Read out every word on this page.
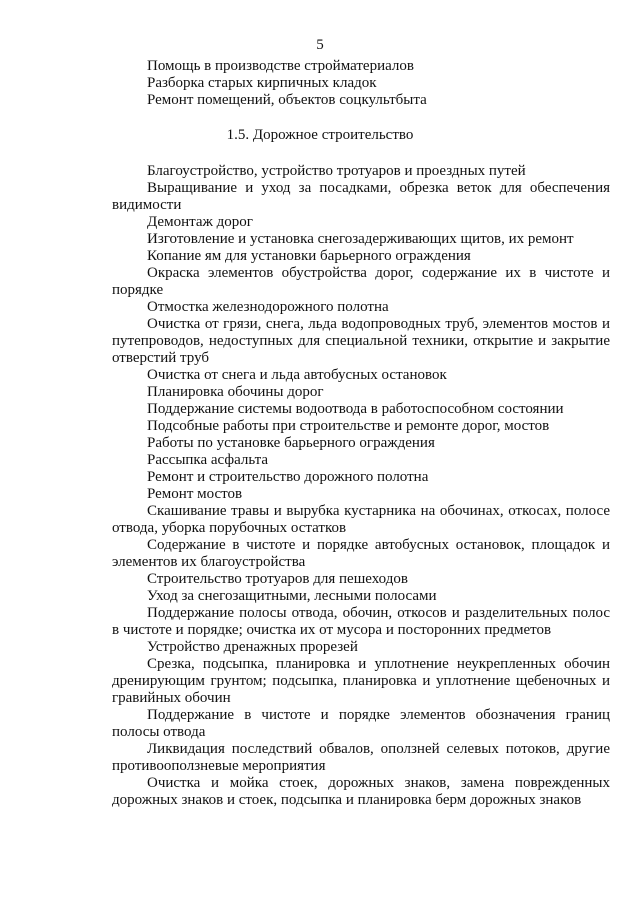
5
Помощь в производстве стройматериалов
Разборка старых кирпичных кладок
Ремонт помещений, объектов соцкультбыта
1.5. Дорожное строительство

Благоустройство, устройство тротуаров и проездных путей

Выращивание и уход за посадками, обрезка веток для обеспечения видимости

Демонтаж дорог

Изготовление и установка снегозадерживающих щитов, их ремонт

Копание ям для установки барьерного ограждения

Окраска элементов обустройства дорог, содержание их в чистоте и порядке

Отмостка железнодорожного полотна

Очистка от грязи, снега, льда водопроводных труб, элементов мостов и путепроводов, недоступных для специальной техники, открытие и закрытие отверстий труб

Очистка от снега и льда автобусных остановок

Планировка обочины дорог

Поддержание системы водоотвода в работоспособном состоянии

Подсобные работы при строительстве и ремонте дорог, мостов

Работы по установке барьерного ограждения

Рассыпка асфальта

Ремонт и строительство дорожного полотна

Ремонт мостов

Скашивание травы и вырубка кустарника на обочинах, откосах, полосе отвода, уборка порубочных остатков

Содержание в чистоте и порядке автобусных остановок, площадок и элементов их благоустройства

Строительство тротуаров для пешеходов

Уход за снегозащитными, лесными полосами

Поддержание полосы отвода, обочин, откосов и разделительных полос в чистоте и порядке; очистка их от мусора и посторонних предметов

Устройство дренажных прорезей

Срезка, подсыпка, планировка и уплотнение неукрепленных обочин дренирующим грунтом; подсыпка, планировка и уплотнение щебеночных и гравийных обочин

Поддержание в чистоте и порядке элементов обозначения границ полосы отвода

Ликвидация последствий обвалов, оползней селевых потоков, другие противооползневые мероприятия

Очистка и мойка стоек, дорожных знаков, замена поврежденных дорожных знаков и стоек, подсыпка и планировка берм дорожных знаков
